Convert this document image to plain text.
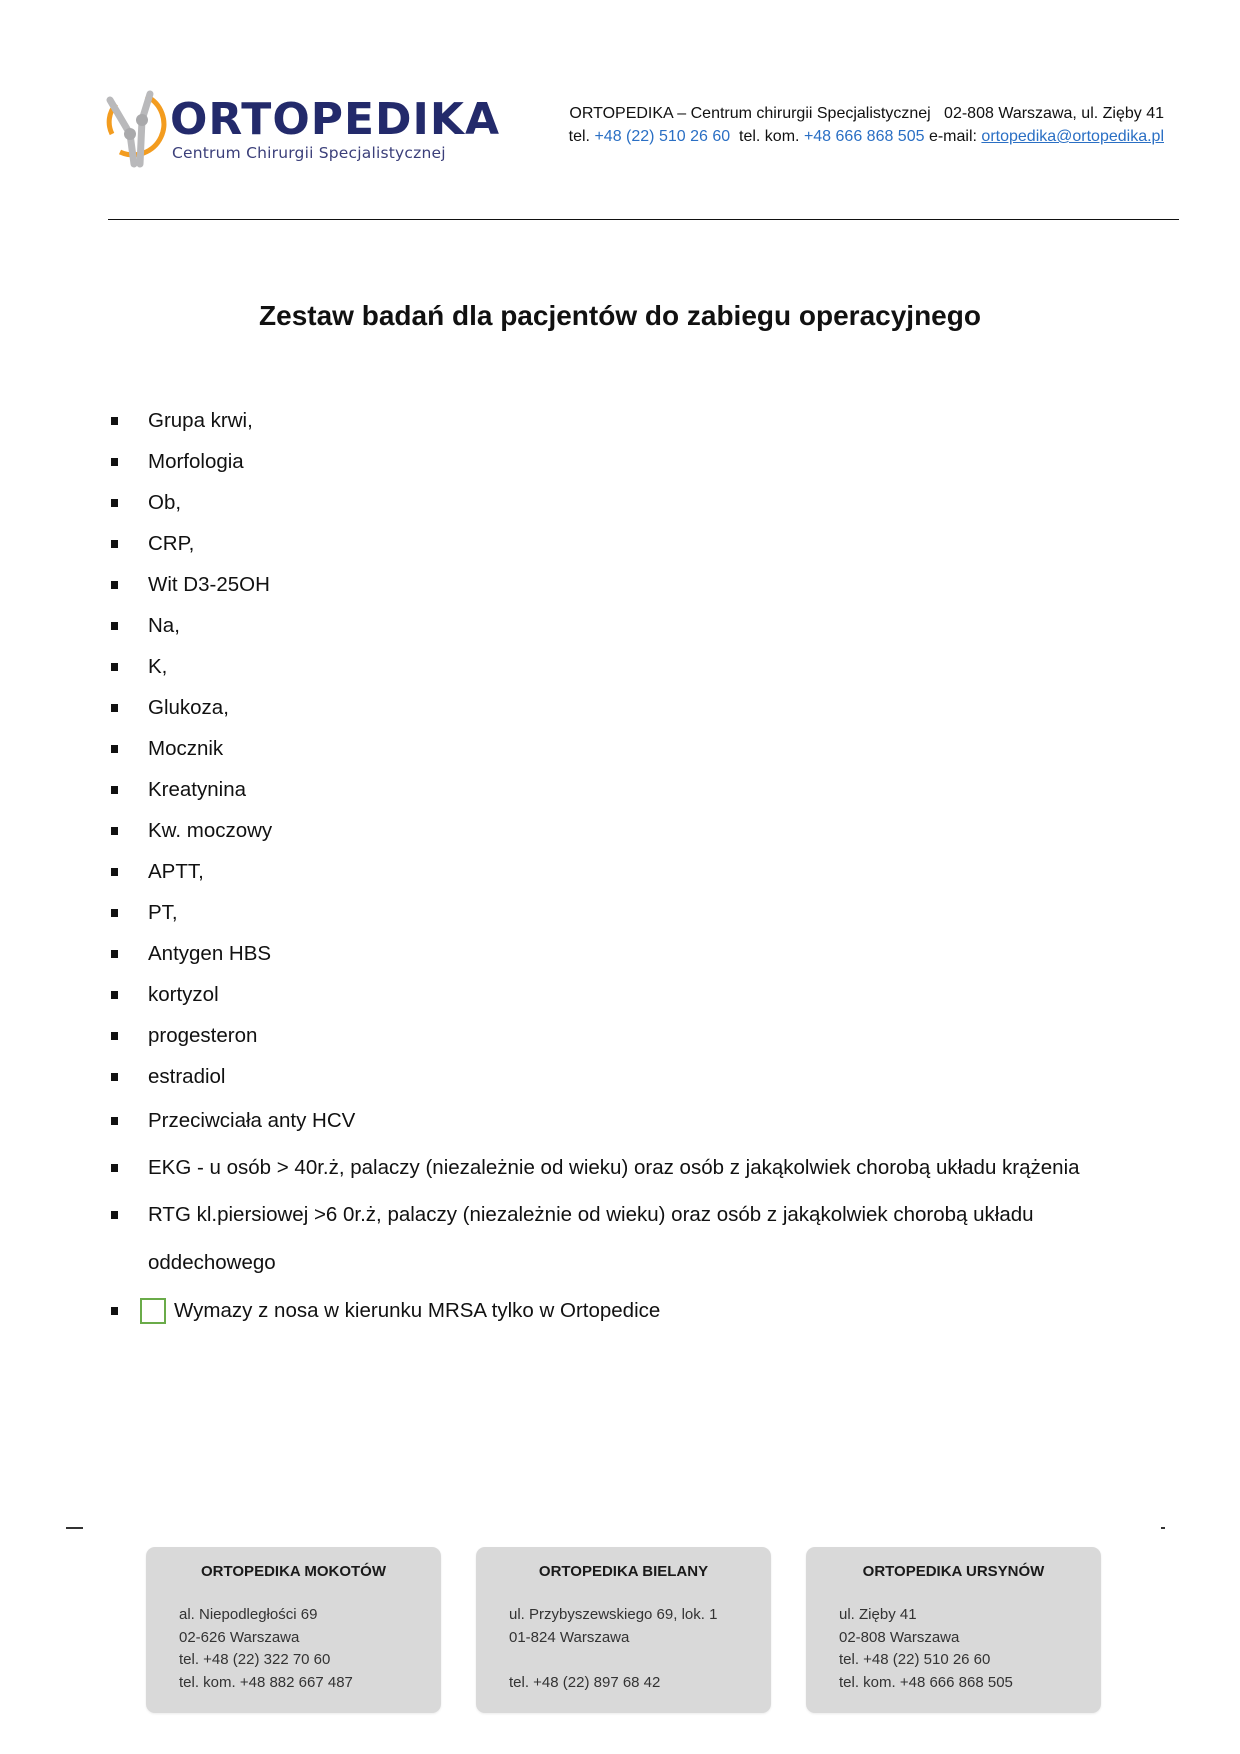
ORTOPEDIKA
Centrum Chirurgii Specjalistycznej
ORTOPEDIKA – Centrum chirurgii Specjalistycznej 02-808 Warszawa, ul. Zięby 41
tel. +48 (22) 510 26 60 tel. kom. +48 666 868 505 e-mail: ortopedika@ortopedika.pl
Zestaw badań dla pacjentów do zabiegu operacyjnego
Grupa krwi,
Morfologia
Ob,
CRP,
Wit D3-25OH
Na,
K,
Glukoza,
Mocznik
Kreatynina
Kw. moczowy
APTT,
PT,
Antygen HBS
kortyzol
progesteron
estradiol
Przeciwciała anty HCV
EKG - u osób > 40r.ż, palaczy (niezależnie od wieku) oraz osób z jakąkolwiek chorobą układu krążenia
RTG kl.piersiowej >6 0r.ż, palaczy (niezależnie od wieku) oraz osób z jakąkolwiek chorobą układu oddechowego
Wymazy z nosa w kierunku MRSA tylko w Ortopedice
ORTOPEDIKA MOKOTÓW
al. Niepodległości 69
02-626 Warszawa
tel. +48 (22) 322 70 60
tel. kom. +48 882 667 487
ORTOPEDIKA BIELANY
ul. Przybyszewskiego 69, lok. 1
01-824 Warszawa
tel. +48 (22) 897 68 42
ORTOPEDIKA URSYNÓW
ul. Zięby 41
02-808 Warszawa
tel. +48 (22) 510 26 60
tel. kom. +48 666 868 505
